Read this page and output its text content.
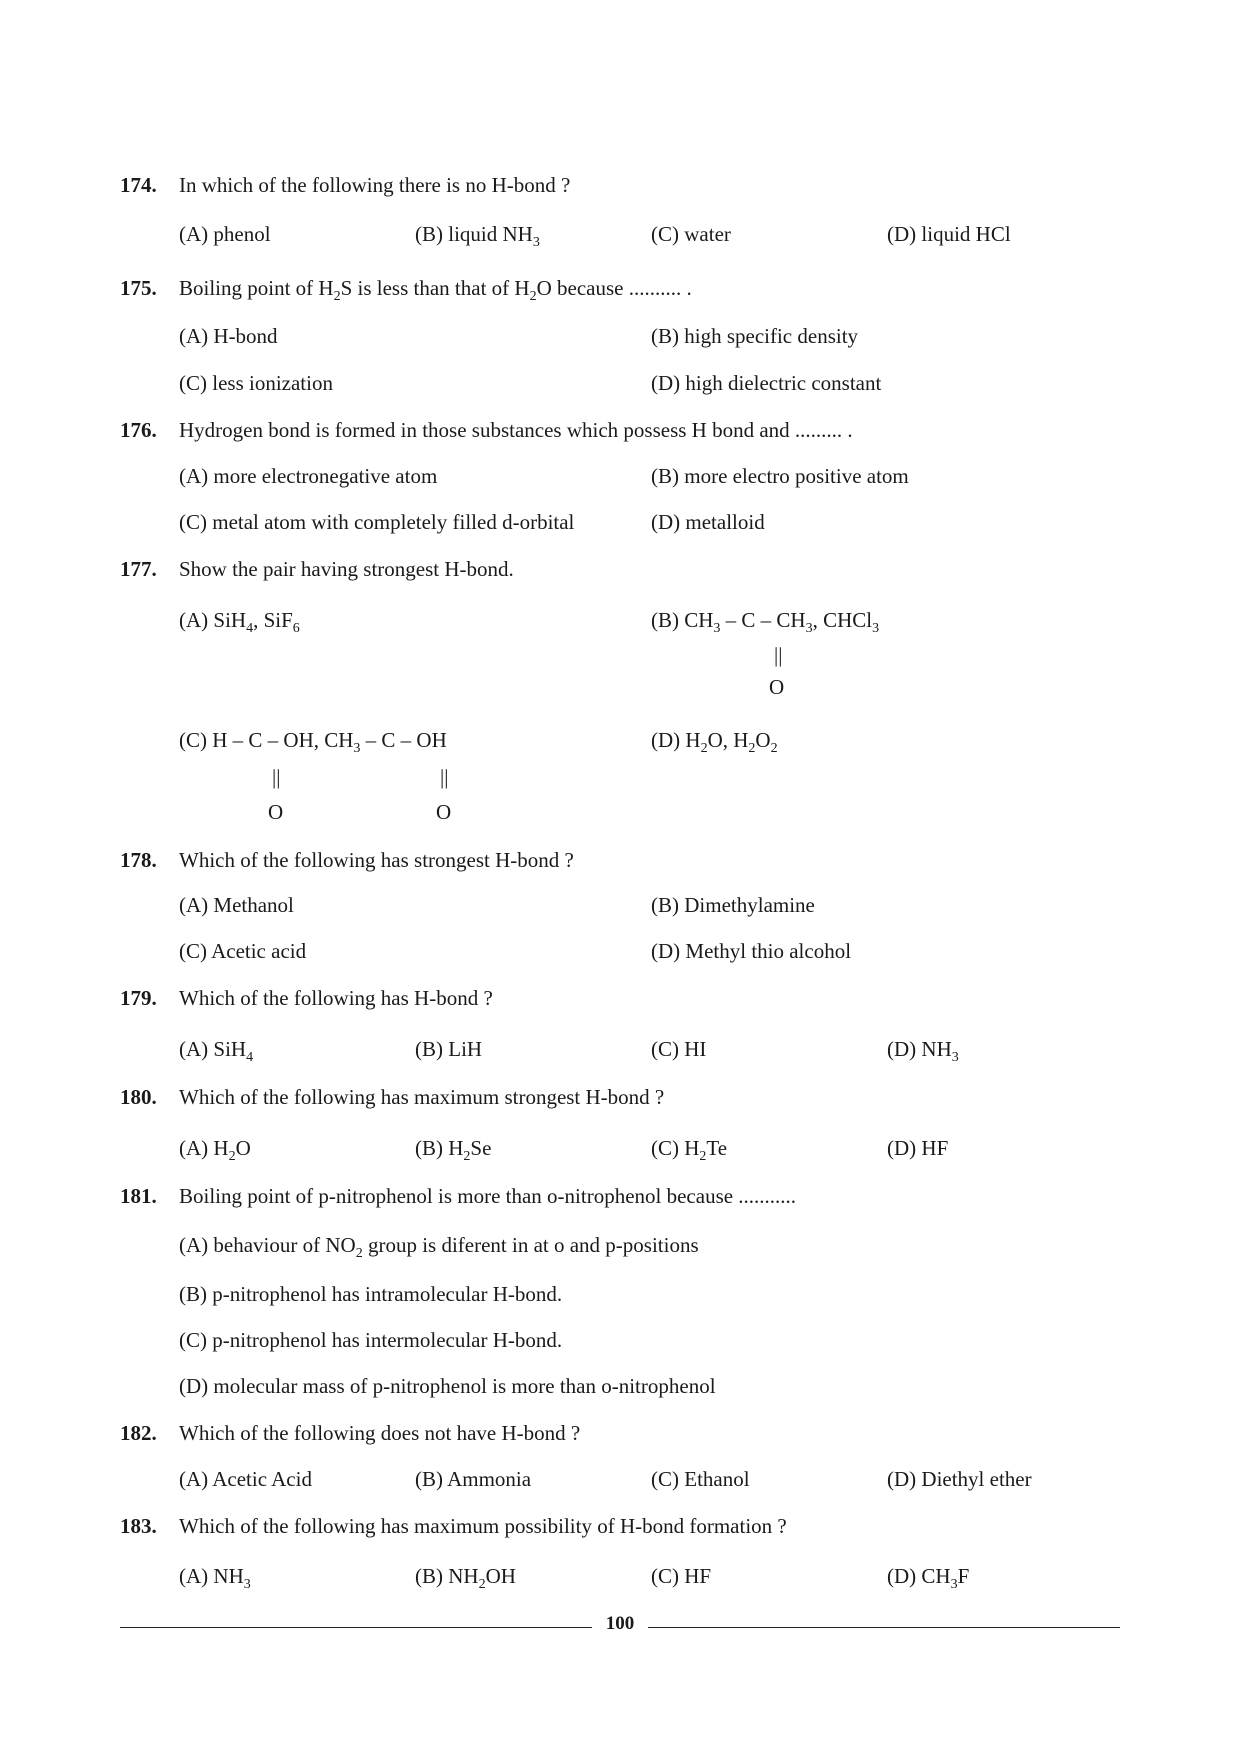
174. In which of the following there is no H-bond ?
(A) phenol	(B) liquid $NH_3$	(C) water	(D) liquid HCl
175. Boiling point of $H_2S$ is less than that of $H_2O$ because .......... .
(A) H-bond	(B) high specific density
(C) less ionization	(D) high dielectric constant
176. Hydrogen bond is formed in those substances which possess H bond and ......... .
(A) more electronegative atom	(B) more electro positive atom
(C) metal atom with completely filled d-orbital	(D) metalloid
177. Show the pair having strongest H-bond.
(A) SiH$_4$, SiF$_6$	(B) $CH_3$ – C – $CH_3$, CHCl$_3$
||
O
(C) H – C – OH, $CH_3$ – C – OH
||
O
||
O
(D) $H_2O$, $H_2O_2$
178. Which of the following has strongest H-bond ?
(A) Methanol	(B) Dimethylamine
(C) Acetic acid	(D) Methyl thio alcohol
179. Which of the following has H-bond ?
(A) SiH$_4$	(B) LiH	(C) HI	(D) $NH_3$
180. Which of the following has maximum strongest H-bond ?
(A) $H_2O$	(B) $H_2Se$	(C) $H_2Te$	(D) HF
181. Boiling point of p-nitrophenol is more than o-nitrophenol because ...........
(A) behaviour of $NO_2$ group is diferent in at o and p-positions
(B) p-nitrophenol has intramolecular H-bond.
(C) p-nitrophenol has intermolecular H-bond.
(D) molecular mass of p-nitrophenol is more than o-nitrophenol
182. Which of the following does not have H-bond ?
(A) Acetic Acid	(B) Ammonia	(C) Ethanol	(D) Diethyl ether
183. Which of the following has maximum possibility of H-bond formation ?
(A) $NH_3$	(B) $NH_2OH$	(C) HF	(D) $CH_3F$
100
